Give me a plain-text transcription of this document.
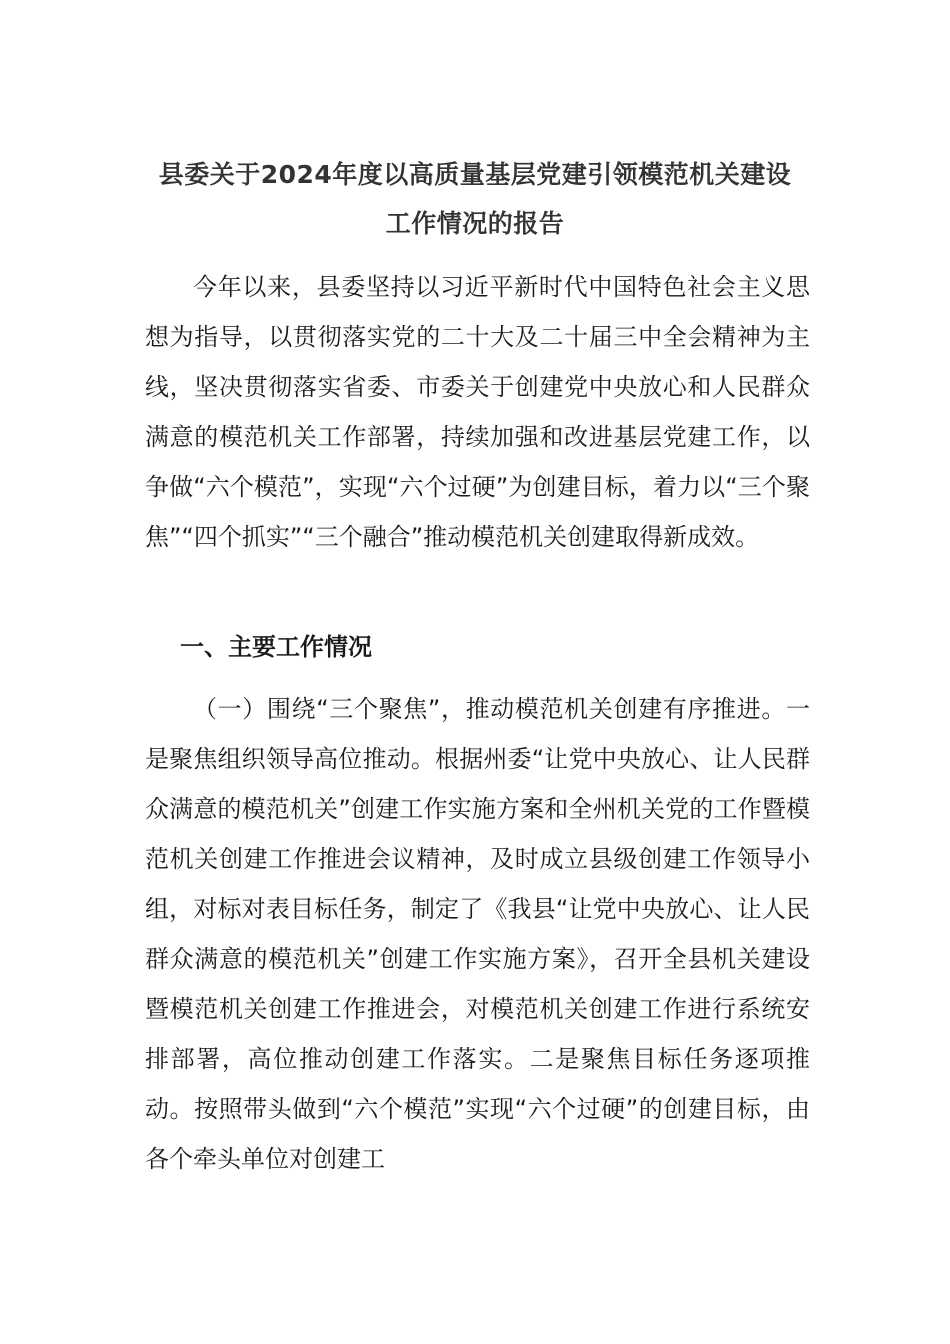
县委关于2024年度以高质量基层党建引领模范机关建设
工作情况的报告

今年以来，县委坚持以习近平新时代中国特色社会主义思想为指导，以贯彻落实党的二十大及二十届三中全会精神为主线，坚决贯彻落实省委、市委关于创建党中央放心和人民群众满意的模范机关工作部署，持续加强和改进基层党建工作，以争做“六个模范”，实现“六个过硬”为创建目标，着力以“三个聚焦”“四个抓实”“三个融合”推动模范机关创建取得新成效。

一、主要工作情况

（一）围绕“三个聚焦”，推动模范机关创建有序推进。一是聚焦组织领导高位推动。根据州委“让党中央放心、让人民群众满意的模范机关”创建工作实施方案和全州机关党的工作暨模范机关创建工作推进会议精神，及时成立县级创建工作领导小组，对标对表目标任务，制定了《我县“让党中央放心、让人民群众满意的模范机关”创建工作实施方案》，召开全县机关建设暨模范机关创建工作推进会，对模范机关创建工作进行系统安排部署，高位推动创建工作落实。二是聚焦目标任务逐项推动。按照带头做到“六个模范”实现“六个过硬”的创建目标，由各个牵头单位对创建工
